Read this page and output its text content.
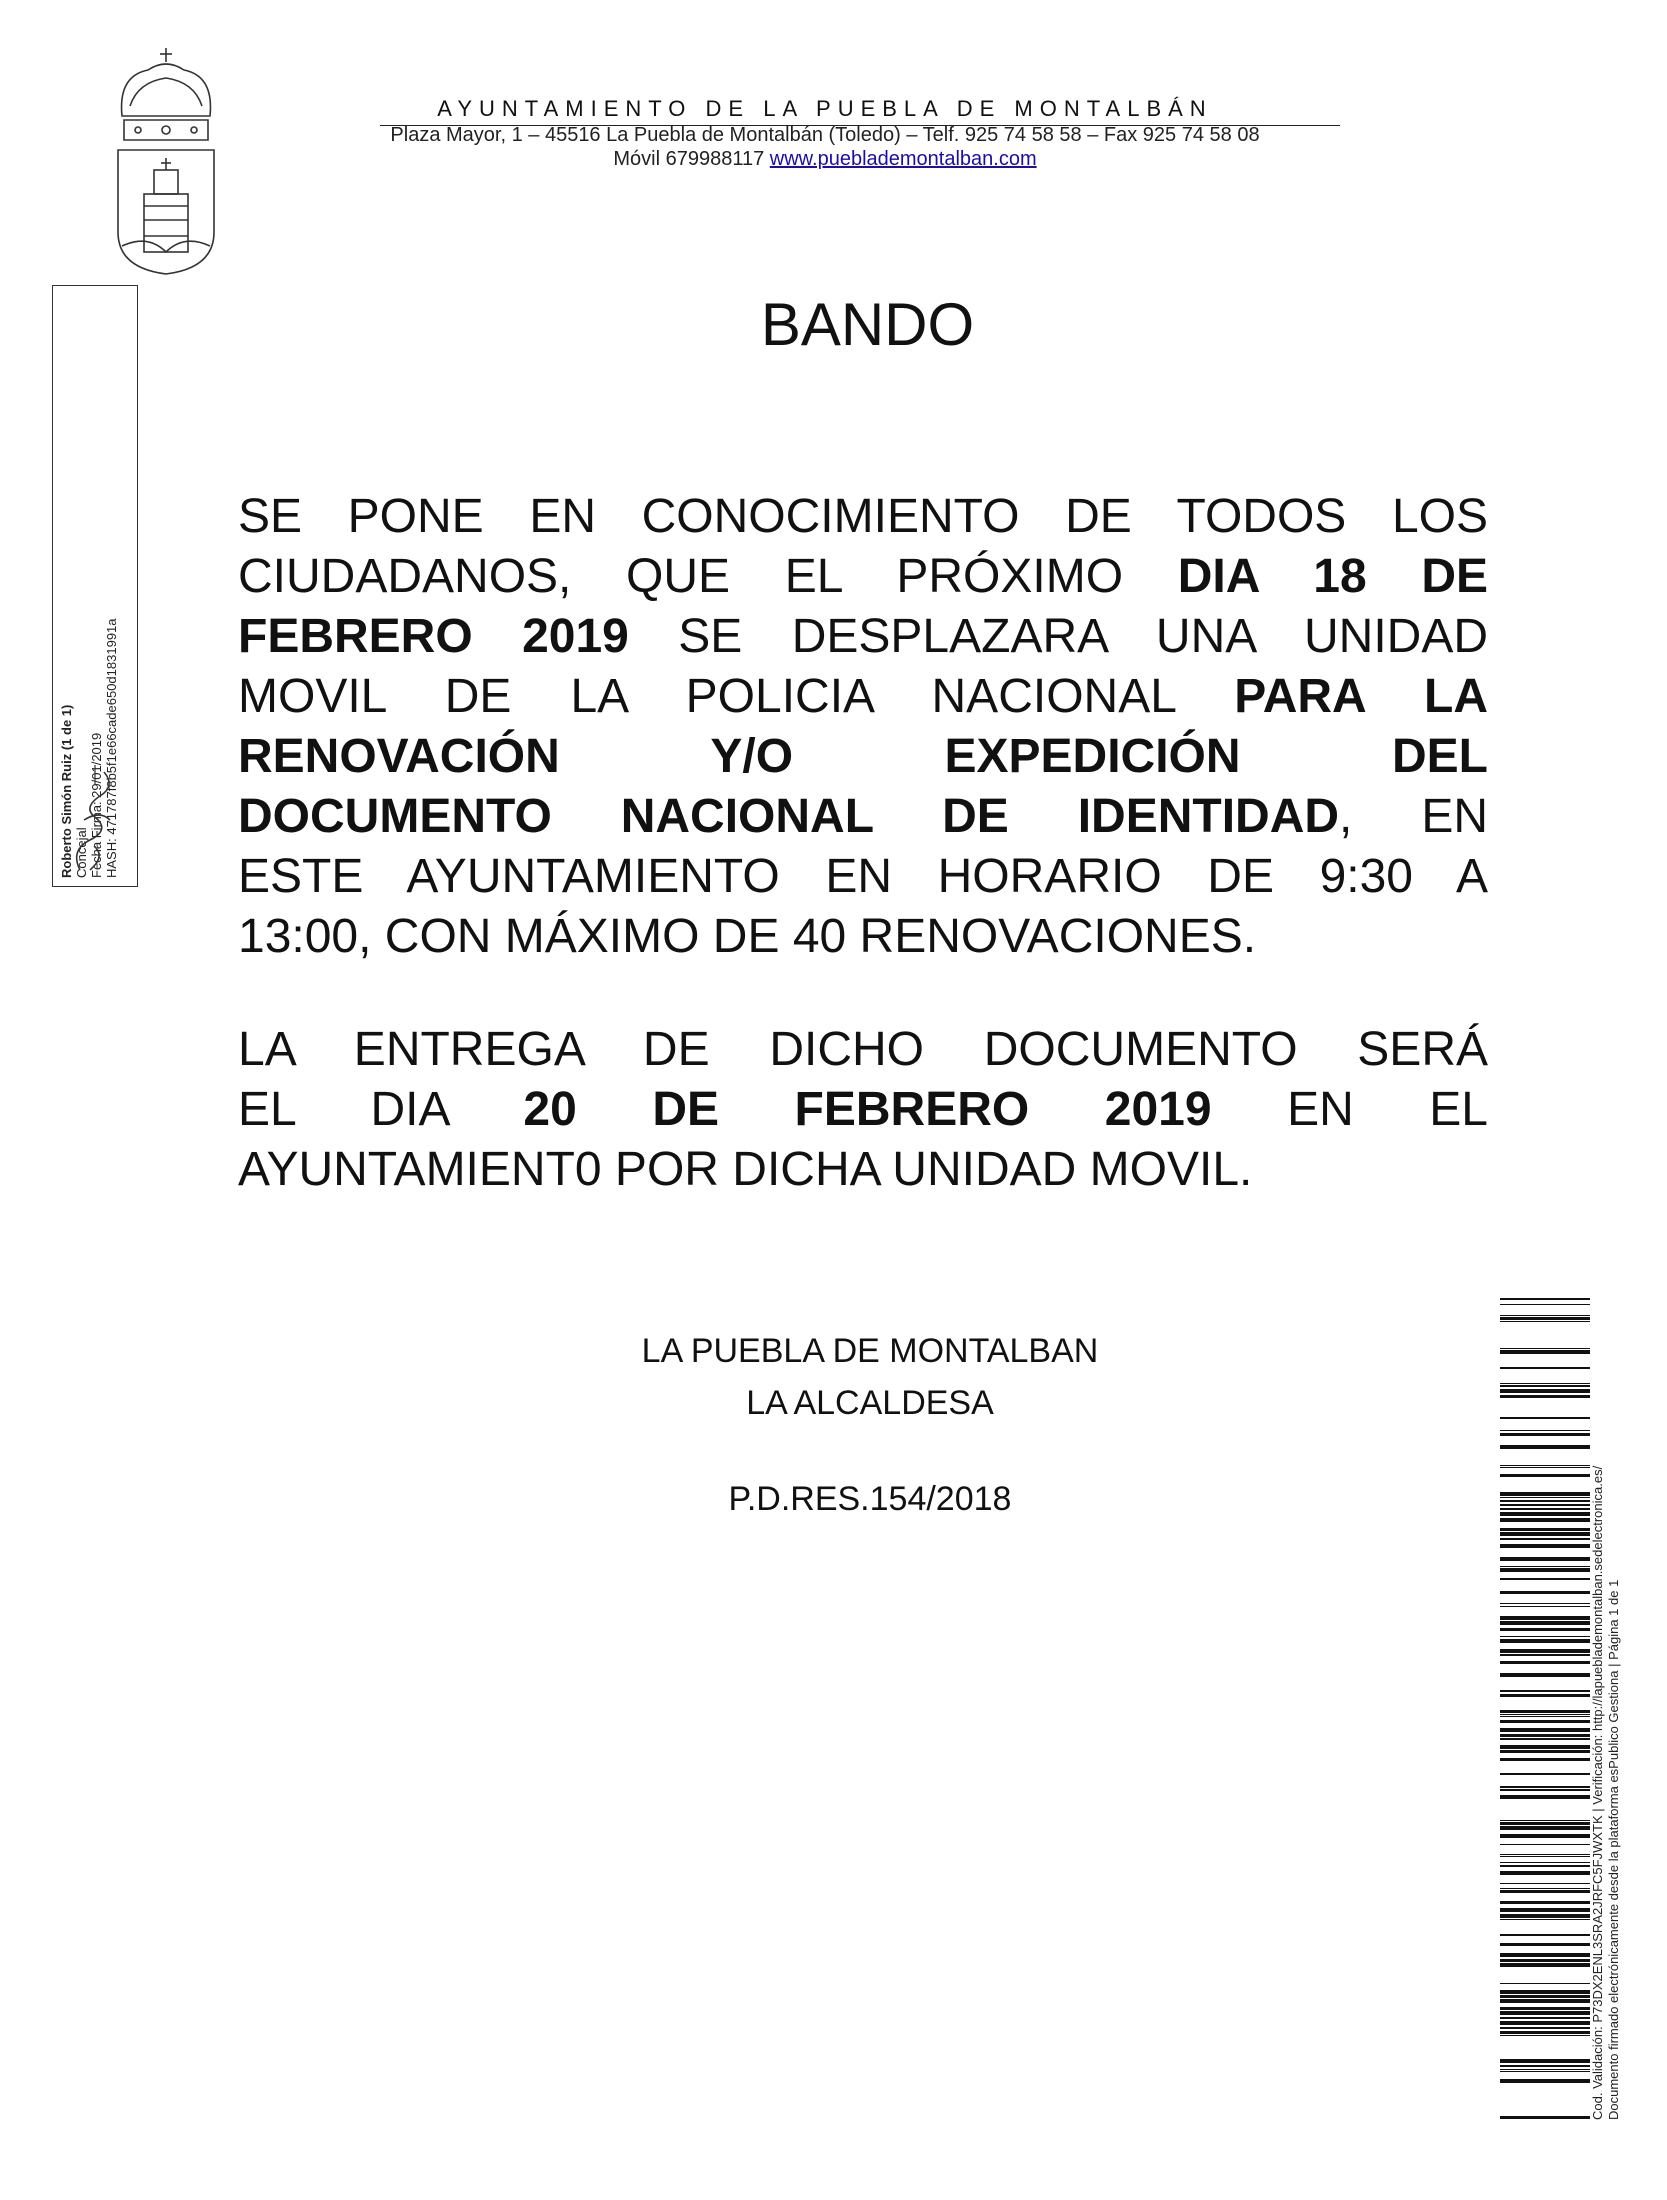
AYUNTAMIENTO DE LA PUEBLA DE MONTALBÁN
Plaza Mayor, 1 – 45516 La Puebla de Montalbán (Toledo) – Telf. 925 74 58 58 – Fax 925 74 58 08
Móvil 679988117 www.pueblademontalban.com
BANDO
SE PONE EN CONOCIMIENTO DE TODOS LOS
CIUDADANOS, QUE EL PRÓXIMO DIA 18 DE
FEBRERO 2019 SE DESPLAZARA UNA UNIDAD
MOVIL DE LA POLICIA NACIONAL PARA LA
RENOVACIÓN Y/O EXPEDICIÓN DEL
DOCUMENTO NACIONAL DE IDENTIDAD, EN
ESTE AYUNTAMIENTO EN HORARIO DE 9:30 A
13:00, CON MÁXIMO DE 40 RENOVACIONES.
LA ENTREGA DE DICHO DOCUMENTO SERÁ
EL DIA 20 DE FEBRERO 2019 EN EL
AYUNTAMIENT0 POR DICHA UNIDAD MOVIL.
LA PUEBLA DE MONTALBAN
LA ALCALDESA
P.D.RES.154/2018
Roberto Simón Ruiz (1 de 1) Concejal Fecha Firma: 29/01/2019 HASH: 471787f8b5f1e66cade650d1831991a
Cod. Validación: P73DX2ENL3SRA2JRFC5FJWXTK | Verificación: http://lapueblademontalban.sedelectronica.es/ Documento firmado electrónicamente desde la plataforma esPublico Gestiona | Página 1 de 1
